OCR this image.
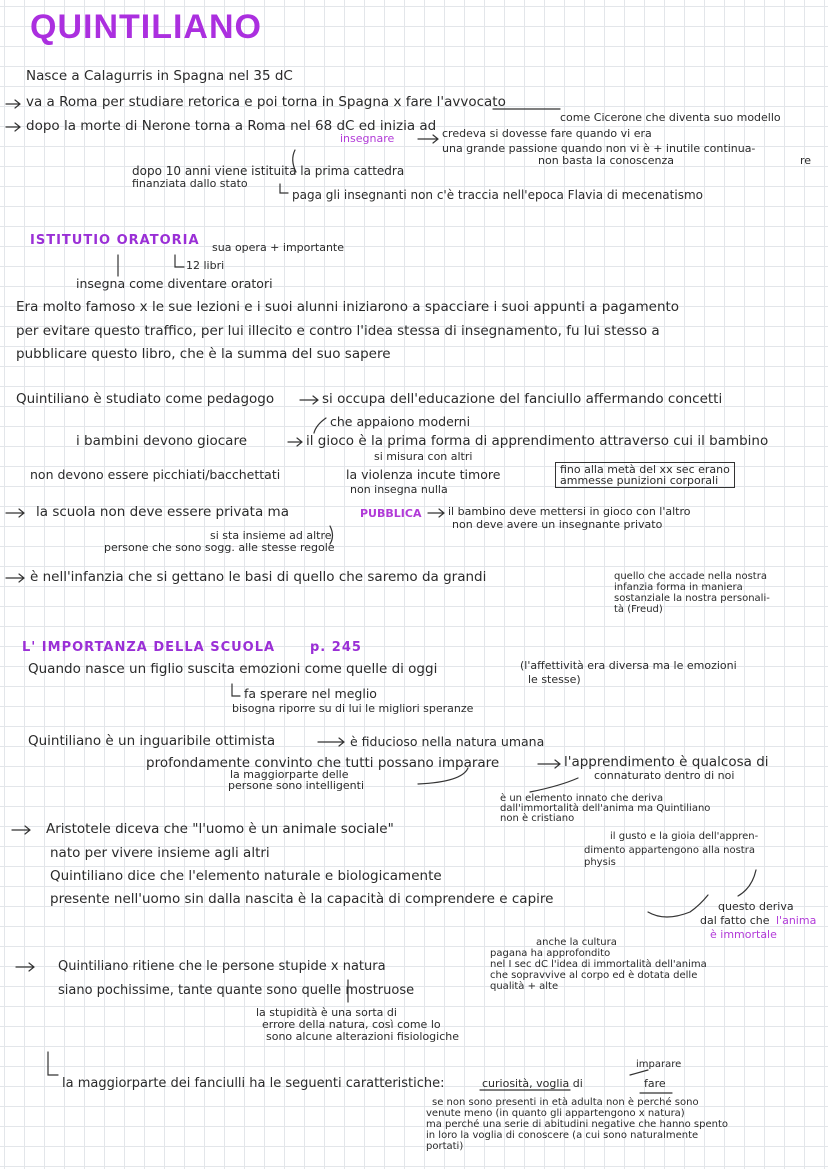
QUINTILIANO
Nasce a Calagurris in Spagna nel 35 dC
va a Roma per studiare retorica e poi torna in Spagna x fare l'avvocato
dopo la morte di Nerone torna a Roma nel 68 dC ed inizia ad
come Cicerone che diventa suo modello
insegnare	credeva si dovesse fare quando vi era
una grande passione quando non vi è + inutile continua-
re
non basta la conoscenza
dopo 10 anni viene istituita la prima cattedra
finanziata dallo stato
paga gli insegnanti non c'è traccia nell'epoca Flavia di mecenatismo
ISTITUTIO ORATORIA sua opera + importante
12 libri
insegna come diventare oratori
Era molto famoso x le sue lezioni e i suoi alunni iniziarono a spacciare i suoi appunti a pagamento
per evitare questo traffico, per lui illecito e contro l'idea stessa di insegnamento, fu lui stesso a
pubblicare questo libro, che è la summa del suo sapere
Quintiliano è studiato come pedagogo	si occupa dell'educazione del fanciullo affermando concetti
che appaiono moderni
i bambini devono giocare	il gioco è la prima forma di apprendimento attraverso cui il bambino
si misura con altri
non devono essere picchiati/bacchettati	la violenza incute timore
non insegna nulla
fino alla metà del xx sec erano
ammesse punizioni corporali
la scuola non deve essere privata ma	PUBBLICA il bambino deve mettersi in gioco con l'altro
non deve avere un insegnante privato
si sta insieme ad altre
persone che sono sogg. alle stesse regole
è nell'infanzia che si gettano le basi di quello che saremo da grandi	quello che accade nella nostra
infanzia forma in maniera
sostanziale la nostra personali-
tà (Freud)
L' IMPORTANZA DELLA SCUOLA	p. 245
Quando nasce un figlio suscita emozioni come quelle di oggi	(l'affettività era diversa ma le emozioni
le stesse)
fa sperare nel meglio
bisogna riporre su di lui le migliori speranze
Quintiliano è un inguaribile ottimista	è fiducioso nella natura umana
profondamente convinto che tutti possano imparare	l'apprendimento è qualcosa di
connaturato dentro di noi
la maggiorparte delle
persone sono intelligenti
è un elemento innato che deriva
dall'immortalità dell'anima ma Quintiliano
non è cristiano
Aristotele diceva che "l'uomo è un animale sociale"
nato per vivere insieme agli altri
il gusto e la gioia dell'appren-
dimento appartengono alla nostra
physis
Quintiliano dice che l'elemento naturale e biologicamente
presente nell'uomo sin dalla nascita è la capacità di comprendere e capire	questo deriva
dal fatto che l'anima
è immortale
anche la cultura
pagana ha approfondito
nel I sec dC l'idea di immortalità dell'anima
che sopravvive al corpo ed è dotata delle
qualità + alte
Quintiliano ritiene che le persone stupide x natura
siano pochissime, tante quante sono quelle mostruose
la stupidità è una sorta di
errore della natura, così come lo
sono alcune alterazioni fisiologiche
la maggiorparte dei fanciulli ha le seguenti caratteristiche:	curiosità, voglia di	fare
imparare
se non sono presenti in età adulta non è perché sono
venute meno (in quanto gli appartengono x natura)
ma perché una serie di abitudini negative che hanno spento
in loro la voglia di conoscere (a cui sono naturalmente
portati)
